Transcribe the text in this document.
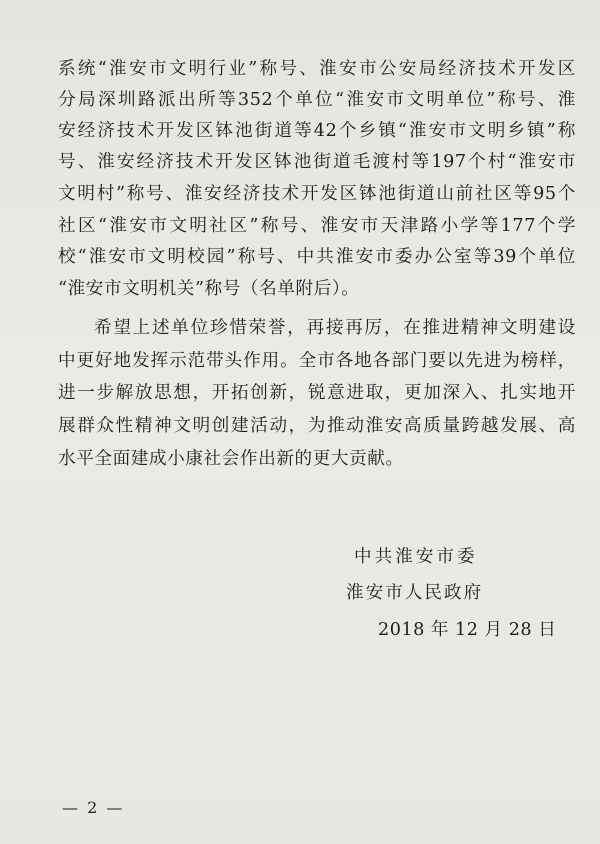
系统“淮安市文明行业”称号、淮安市公安局经济技术开发区
分局深圳路派出所等352个单位“淮安市文明单位”称号、淮
安经济技术开发区钵池街道等42个乡镇“淮安市文明乡镇”称
号、淮安经济技术开发区钵池街道毛渡村等197个村“淮安市
文明村”称号、淮安经济技术开发区钵池街道山前社区等95个
社区“淮安市文明社区”称号、淮安市天津路小学等177个学
校“淮安市文明校园”称号、中共淮安市委办公室等39个单位
“淮安市文明机关”称号（名单附后）。
希望上述单位珍惜荣誉，再接再厉，在推进精神文明建设
中更好地发挥示范带头作用。全市各地各部门要以先进为榜样，
进一步解放思想，开拓创新，锐意进取，更加深入、扎实地开
展群众性精神文明创建活动，为推动淮安高质量跨越发展、高
水平全面建成小康社会作出新的更大贡献。
中共淮安市委
淮安市人民政府
2018 年 12 月 28 日
— 2 —
